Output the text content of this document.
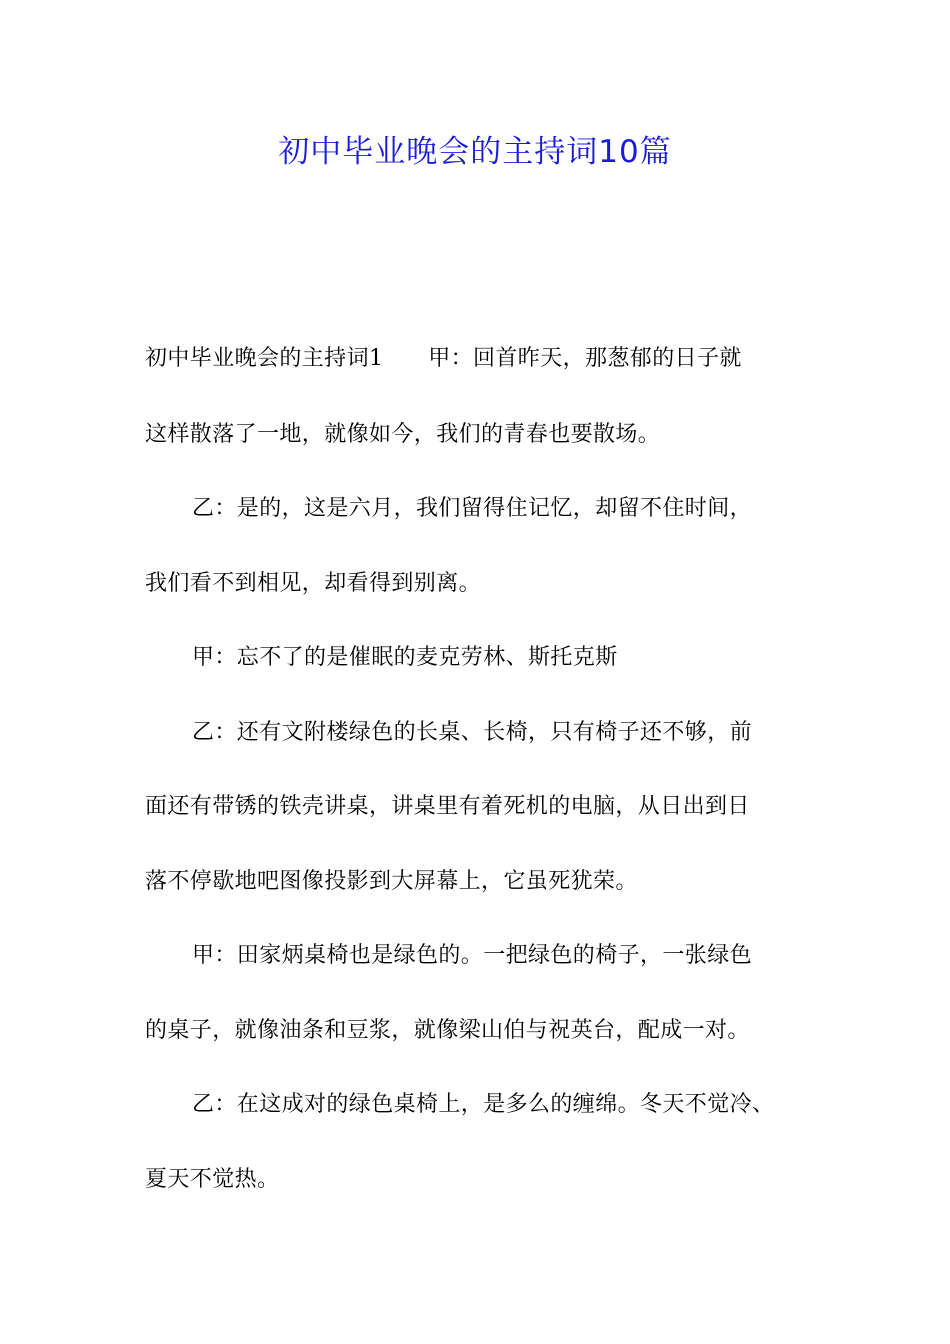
初中毕业晚会的主持词10篇
初中毕业晚会的主持词1　　甲：回首昨天，那葱郁的日子就
这样散落了一地，就像如今，我们的青春也要散场。
乙：是的，这是六月，我们留得住记忆，却留不住时间，
我们看不到相见，却看得到别离。
甲：忘不了的是催眠的麦克劳林、斯托克斯
乙：还有文附楼绿色的长桌、长椅，只有椅子还不够，前
面还有带锈的铁壳讲桌，讲桌里有着死机的电脑，从日出到日
落不停歇地吧图像投影到大屏幕上，它虽死犹荣。
甲：田家炳桌椅也是绿色的。一把绿色的椅子，一张绿色
的桌子，就像油条和豆浆，就像梁山伯与祝英台，配成一对。
乙：在这成对的绿色桌椅上，是多么的缠绵。冬天不觉冷、
夏天不觉热。
